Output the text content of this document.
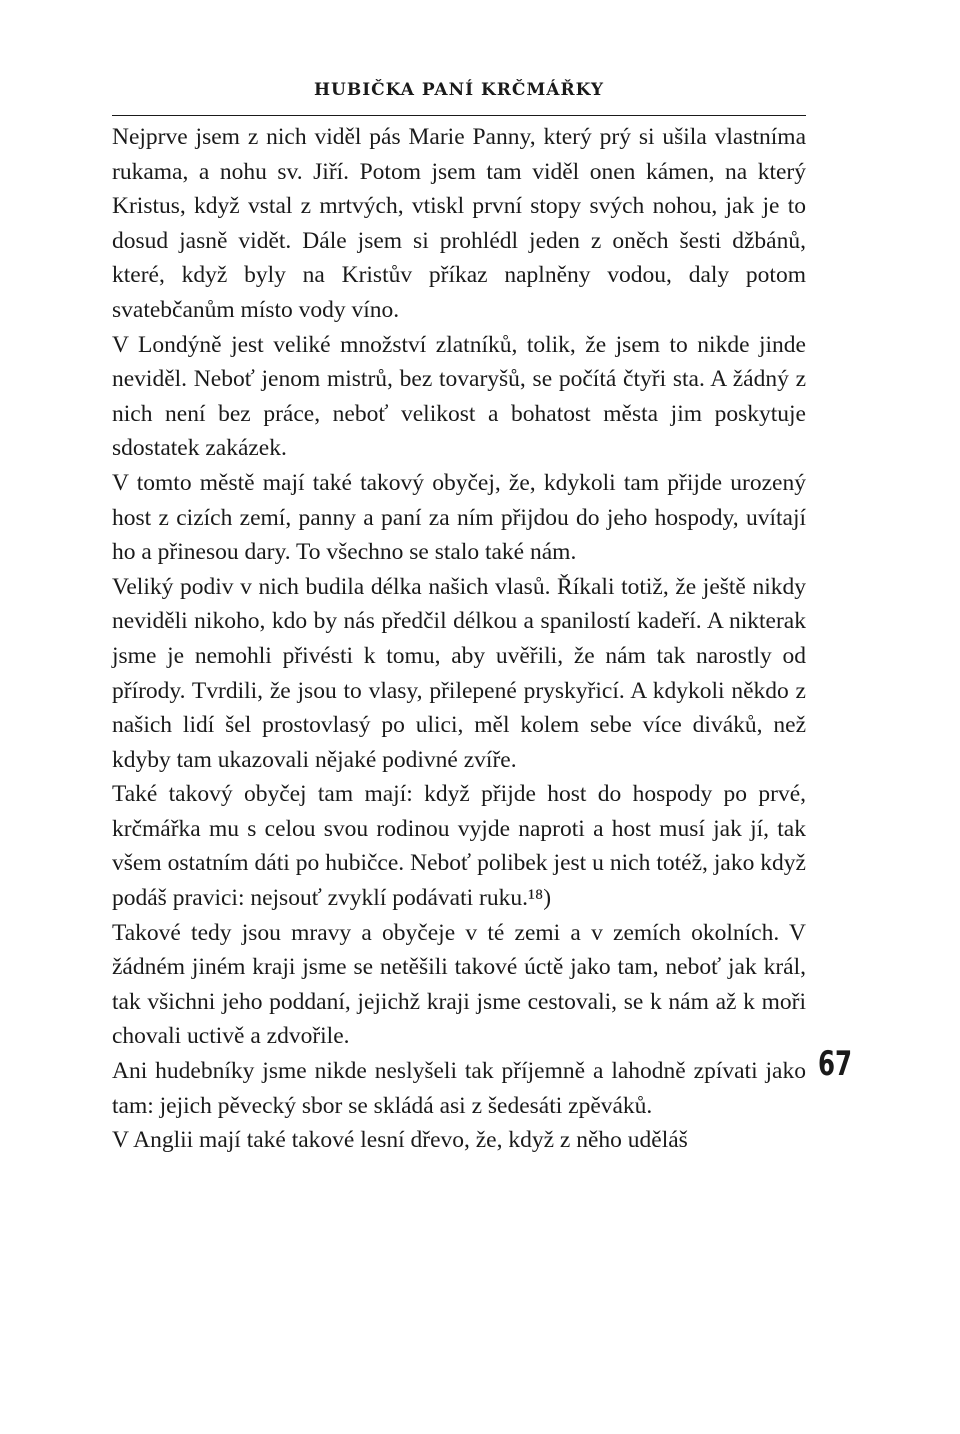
HUBIČKA PANÍ KRČMÁŘKY

Nejprve jsem z nich viděl pás Marie Panny, který prý si ušila vlastníma rukama, a nohu sv. Jiří. Potom jsem tam viděl onen kámen, na který Kristus, když vstal z mrtvých, vtiskl první stopy svých nohou, jak je to dosud jasně vidět. Dále jsem si prohlédl jeden z oněch šesti džbánů, které, když byly na Kristův příkaz naplněny vodou, daly potom svatebčanům místo vody víno.

V Londýně jest veliké množství zlatníků, tolik, že jsem to nikde jinde neviděl. Neboť jenom mistrů, bez tovaryšů, se počítá čtyři sta. A žádný z nich není bez práce, neboť velikost a bohatost města jim poskytuje sdostatek zakázek.

V tomto městě mají také takový obyčej, že, kdykoli tam přijde urozený host z cizích zemí, panny a paní za ním přijdou do jeho hospody, uvítají ho a přinesou dary. To všechno se stalo také nám.

Veliký podiv v nich budila délka našich vlasů. Říkali totiž, že ještě nikdy neviděli nikoho, kdo by nás předčil délkou a spanilostí kadeří. A nikterak jsme je nemohli přivésti k tomu, aby uvěřili, že nám tak narostly od přírody. Tvrdili, že jsou to vlasy, přilepené pryskyřicí. A kdykoli někdo z našich lidí šel prostovlasý po ulici, měl kolem sebe více diváků, než kdyby tam ukazovali nějaké podivné zvíře.

Také takový obyčej tam mají: když přijde host do hospody po prvé, krčmářka mu s celou svou rodinou vyjde naproti a host musí jak jí, tak všem ostatním dáti po hubičce. Neboť polibek jest u nich totéž, jako když podáš pravici: nejsouť zvyklí podávati ruku.¹⁸)

Takové tedy jsou mravy a obyčeje v té zemi a v zemích okolních. V žádném jiném kraji jsme se netěšili takové úctě jako tam, neboť jak král, tak všichni jeho poddaní, jejichž kraji jsme cestovali, se k nám až k moři chovali uctivě a zdvořile.

Ani hudebníky jsme nikde neslyšeli tak příjemně a lahodně zpívati jako tam: jejich pěvecký sbor se skládá asi z šedesáti zpěváků.

V Anglii mají také takové lesní dřevo, že, když z něho uděláš

67
